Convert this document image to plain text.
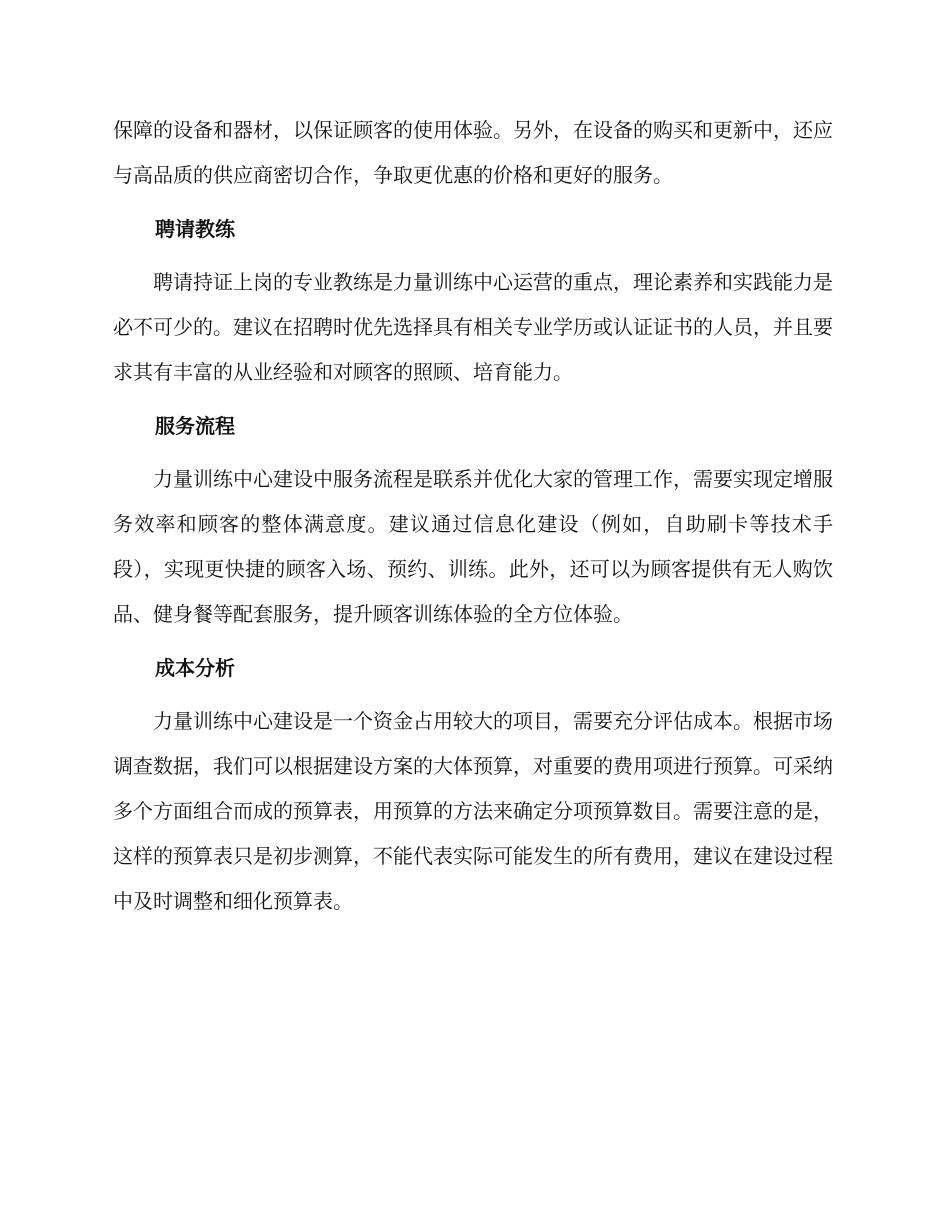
保障的设备和器材，以保证顾客的使用体验。另外，在设备的购买和更新中，还应与高品质的供应商密切合作，争取更优惠的价格和更好的服务。

聘请教练

聘请持证上岗的专业教练是力量训练中心运营的重点，理论素养和实践能力是必不可少的。建议在招聘时优先选择具有相关专业学历或认证证书的人员，并且要求其有丰富的从业经验和对顾客的照顾、培育能力。

服务流程

力量训练中心建设中服务流程是联系并优化大家的管理工作，需要实现定增服务效率和顾客的整体满意度。建议通过信息化建设（例如，自助刷卡等技术手段），实现更快捷的顾客入场、预约、训练。此外，还可以为顾客提供有无人购饮品、健身餐等配套服务，提升顾客训练体验的全方位体验。

成本分析

力量训练中心建设是一个资金占用较大的项目，需要充分评估成本。根据市场调查数据，我们可以根据建设方案的大体预算，对重要的费用项进行预算。可采纳多个方面组合而成的预算表，用预算的方法来确定分项预算数目。需要注意的是，这样的预算表只是初步测算，不能代表实际可能发生的所有费用，建议在建设过程中及时调整和细化预算表。
